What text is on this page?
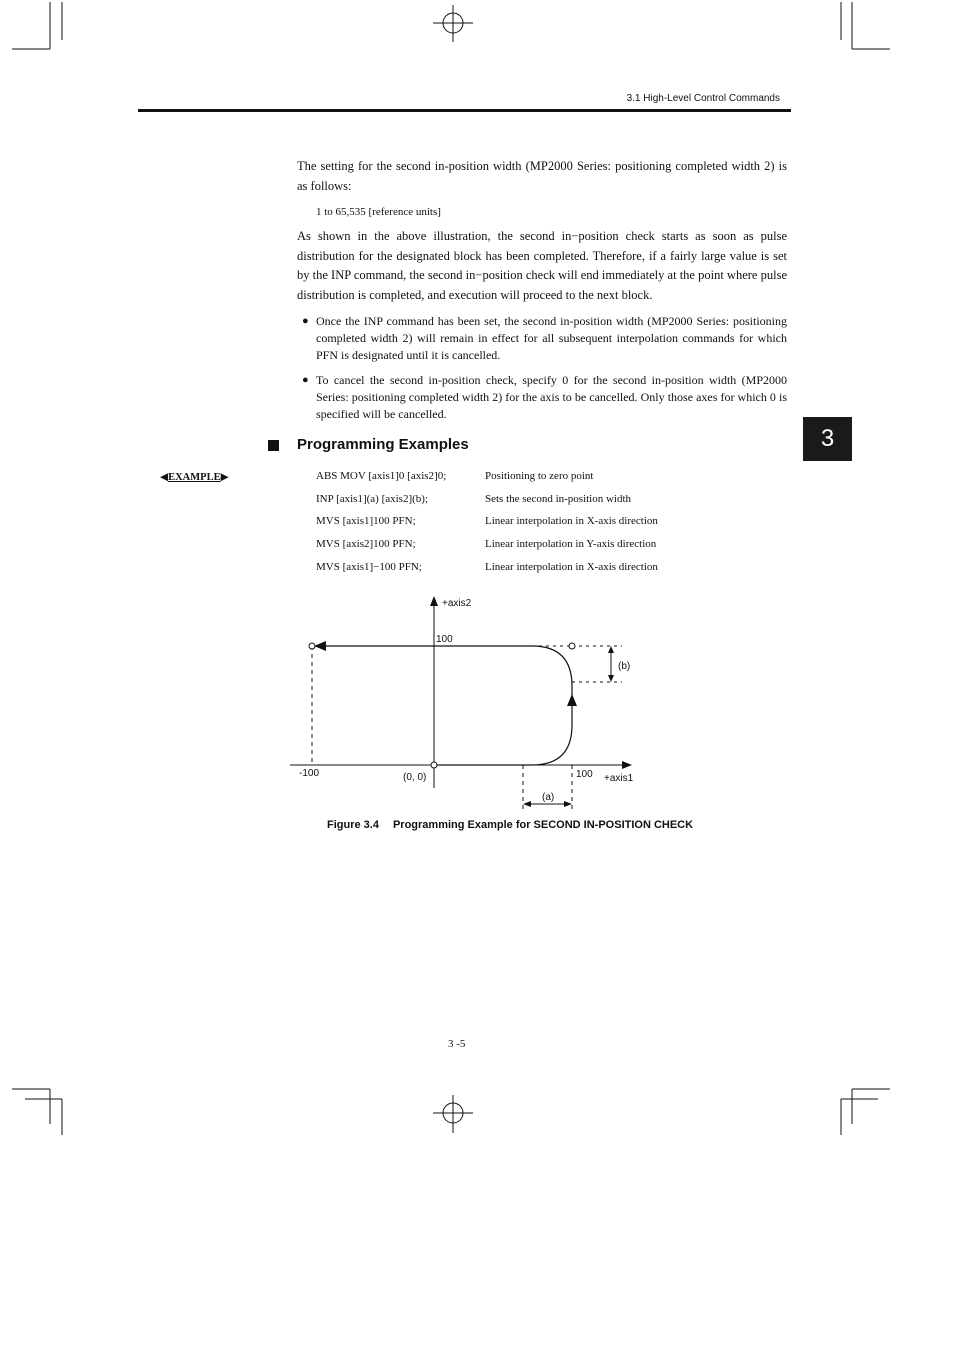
3.1 High-Level Control Commands
3
The setting for the second in-position width (MP2000 Series: positioning completed width 2) is as follows:
1 to 65,535 [reference units]
As shown in the above illustration, the second in−position check starts as soon as pulse distribution for the designated block has been completed. Therefore, if a fairly large value is set by the INP command, the second in−position check will end immediately at the point where pulse distribution is completed, and execution will proceed to the next block.
● Once the INP command has been set, the second in-position width (MP2000 Series: positioning completed width 2) will remain in effect for all subsequent interpolation commands for which PFN is designated until it is cancelled.
● To cancel the second in-position check, specify 0 for the second in-position width (MP2000 Series: positioning completed width 2) for the axis to be cancelled. Only those axes for which 0 is specified will be cancelled.
Programming Examples
◀EXAMPLE▶	ABS MOV [axis1]0 [axis2]0;	Positioning to zero point
INP [axis1](a) [axis2](b);	Sets the second in-position width
MVS [axis1]100 PFN;	Linear interpolation in X-axis direction
MVS [axis2]100 PFN;	Linear interpolation in Y-axis direction
MVS [axis1]−100 PFN;	Linear interpolation in X-axis direction
+axis2
100
(b)
-100	(0, 0)	100 +axis1
(a)
Figure 3.4 Programming Example for SECOND IN-POSITION CHECK
3 -5
